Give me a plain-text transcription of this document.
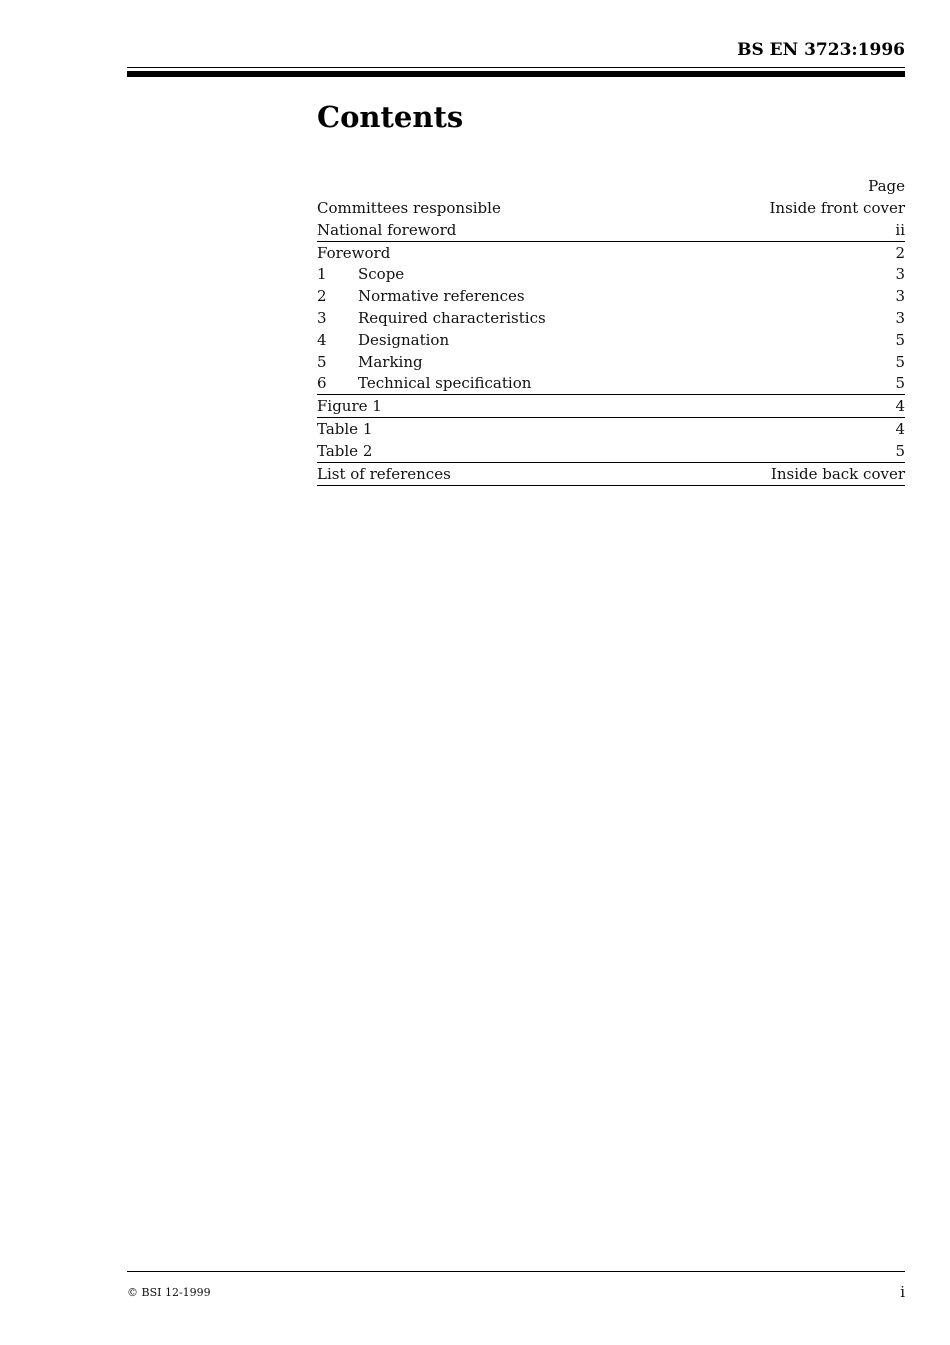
BS EN 3723:1996
Contents
Page
Committees responsible	Inside front cover
National foreword	ii
Foreword	2
1	Scope	3
2	Normative references	3
3	Required characteristics	3
4	Designation	5
5	Marking	5
6	Technical specification	5
Figure 1	4
Table 1	4
Table 2	5
List of references	Inside back cover
© BSI 12-1999	i
